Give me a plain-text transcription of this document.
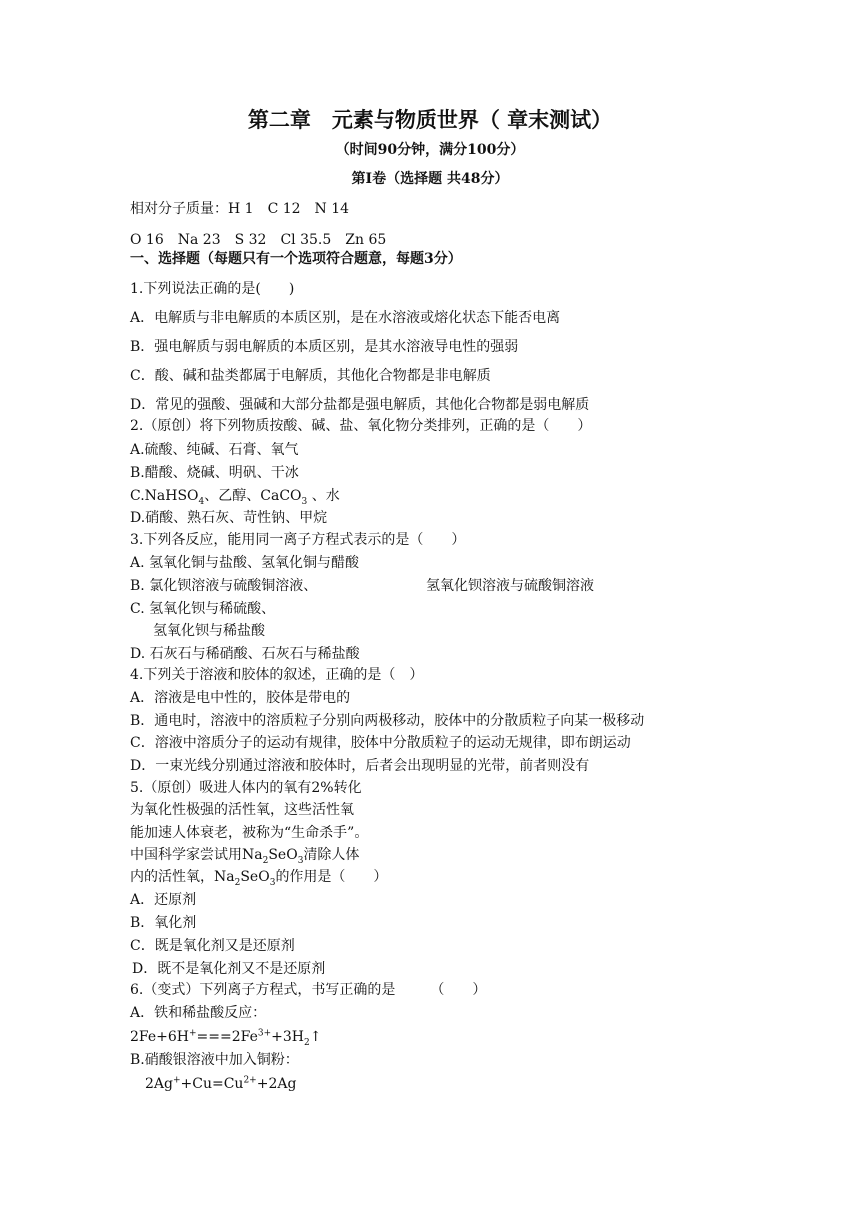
第二章　元素与物质世界（ 章末测试）
（时间90分钟，满分100分）
第Ⅰ卷（选择题 共48分）
相对分子质量：H 1　C 12　N 14
O 16　Na 23　S 32　Cl 35.5　Zn 65
一、选择题（每题只有一个选项符合题意，每题3分）
1.下列说法正确的是(　　)
A．电解质与非电解质的本质区别，是在水溶液或熔化状态下能否电离
B．强电解质与弱电解质的本质区别，是其水溶液导电性的强弱
C．酸、碱和盐类都属于电解质，其他化合物都是非电解质
D．常见的强酸、强碱和大部分盐都是强电解质，其他化合物都是弱电解质
2.（原创）将下列物质按酸、碱、盐、氧化物分类排列，正确的是（　　）
A.硫酸、纯碱、石膏、氧气
B.醋酸、烧碱、明矾、干冰
C.NaHSO$_4$、乙醇、CaCO$_3$ 、水
D.硝酸、熟石灰、苛性钠、甲烷
3.下列各反应，能用同一离子方程式表示的是（　　）
A. 氢氧化铜与盐酸、氢氧化铜与醋酸
B. 氯化钡溶液与硫酸铜溶液、	氢氧化钡溶液与硫酸铜溶液
C. 氢氧化钡与稀硫酸、
氢氧化钡与稀盐酸
D. 石灰石与稀硝酸、石灰石与稀盐酸
4.下列关于溶液和胶体的叙述，正确的是（　）
A．溶液是电中性的，胶体是带电的
B．通电时，溶液中的溶质粒子分别向两极移动，胶体中的分散质粒子向某一极移动
C．溶液中溶质分子的运动有规律，胶体中分散质粒子的运动无规律，即布朗运动
D．一束光线分别通过溶液和胶体时，后者会出现明显的光带，前者则没有
5.（原创）吸进人体内的氧有2%转化
为氧化性极强的活性氧，这些活性氧
能加速人体衰老，被称为“生命杀手”。
中国科学家尝试用$Na_2SeO_3$清除人体
内的活性氧，$Na_2SeO_3$的作用是（　　）
A．还原剂
B．氧化剂
C．既是氧化剂又是还原剂
D．既不是氧化剂又不是还原剂
6.（变式）下列离子方程式，书写正确的是　　　（　　）
A．铁和稀盐酸反应：
$2Fe+6H^+===2Fe^{3+}+3H_2↑$
B.硝酸银溶液中加入铜粉：
$2Ag^++Cu=Cu^{2+}+2Ag$
